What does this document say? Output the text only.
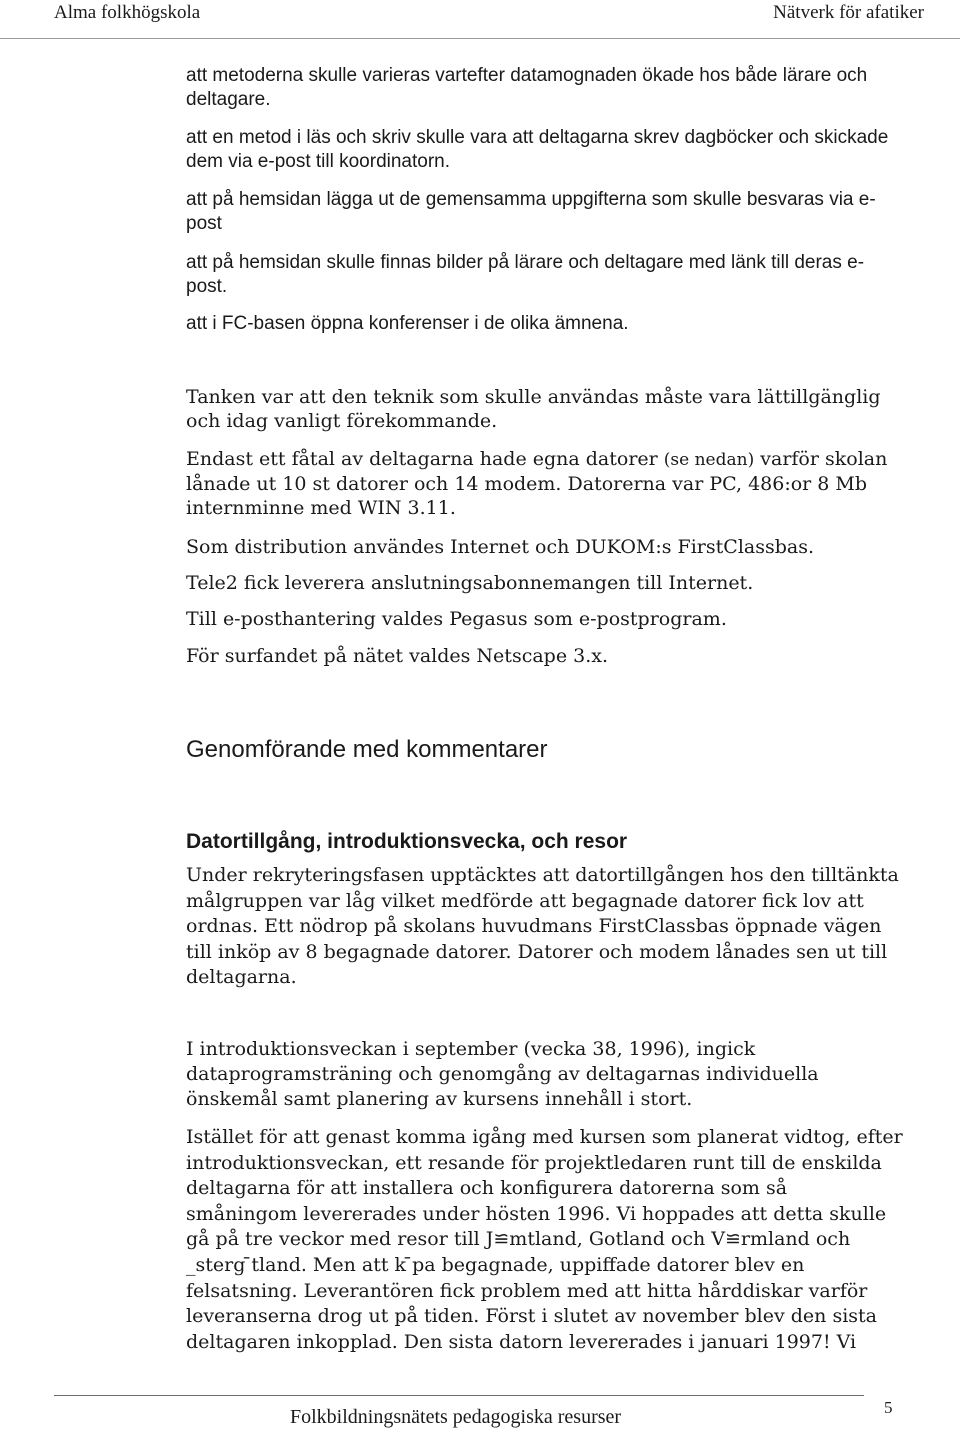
Alma folkhögskola	Nätverk för afatiker

att metoderna skulle varieras vartefter datamognaden ökade hos både lärare och deltagare.

att en metod i läs och skriv skulle vara att deltagarna skrev dagböcker och skickade dem via e-post till koordinatorn.

att på hemsidan lägga ut de gemensamma uppgifterna som skulle besvaras via e-post

att på hemsidan skulle finnas bilder på lärare och deltagare med länk till deras e-post.

att i FC-basen öppna konferenser i de olika ämnena.

Tanken var att den teknik som skulle användas måste vara lättillgänglig och idag vanligt förekommande.

Endast ett fåtal av deltagarna hade egna datorer (se nedan) varför skolan lånade ut 10 st datorer och 14 modem. Datorerna var PC, 486:or 8 Mb internminne med WIN 3.11.

Som distribution användes Internet och DUKOM:s FirstClassbas.

Tele2 fick leverera anslutningsabonnemangen till Internet.

Till e-posthantering valdes Pegasus som e-postprogram.

För surfandet på nätet valdes Netscape 3.x.

Genomförande med kommentarer
Datortillgång, introduktionsvecka, och resor

Under rekryteringsfasen upptäcktes att datortillgången hos den tilltänkta målgruppen var låg vilket medförde att begagnade datorer fick lov att ordnas. Ett nödrop på skolans huvudmans FirstClassbas öppnade vägen till inköp av 8 begagnade datorer. Datorer och modem lånades sen ut till deltagarna.

I introduktionsveckan i september (vecka 38, 1996), ingick dataprogramsträning och genomgång av deltagarnas individuella önskemål samt planering av kursens innehåll i stort.

Istället för att genast komma igång med kursen som planerat vidtog, efter introduktionsveckan, ett resande för projektledaren runt till de enskilda deltagarna för att installera och konfigurera datorerna som så småningom levererades under hösten 1996. Vi hoppades att detta skulle gå på tre veckor med resor till J≌mtland, Gotland och V≌rmland och _sterg ̄tland. Men att k ̄pa begagnade, uppiffade datorer blev en felsatsning. Leverantören fick problem med att hitta hårddiskar varför leveranserna drog ut på tiden. Först i slutet av november blev den sista deltagaren inkopplad. Den sista datorn levererades i januari 1997! Vi

Folkbildningsnätets pedagogiska resurser	5
